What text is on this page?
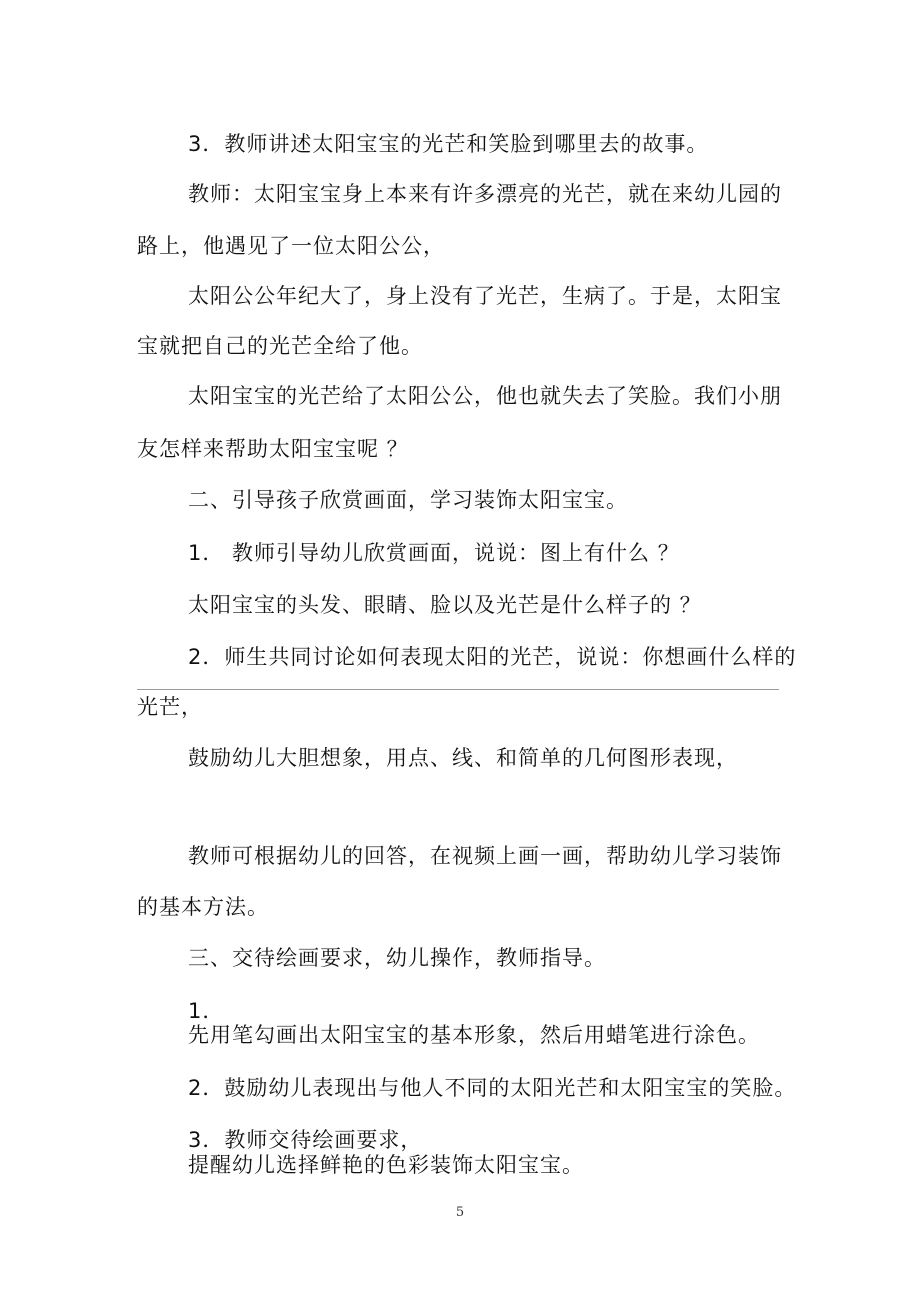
3．教师讲述太阳宝宝的光芒和笑脸到哪里去的故事。
教师：太阳宝宝身上本来有许多漂亮的光芒，就在来幼儿园的
路上，他遇见了一位太阳公公，
太阳公公年纪大了，身上没有了光芒，生病了。于是，太阳宝
宝就把自己的光芒全给了他。
太阳宝宝的光芒给了太阳公公，他也就失去了笑脸。我们小朋
友怎样来帮助太阳宝宝呢 ？
二、引导孩子欣赏画面，学习装饰太阳宝宝。
1． 教师引导幼儿欣赏画面，说说：图上有什么 ？
太阳宝宝的头发、眼睛、脸以及光芒是什么样子的 ？
2．师生共同讨论如何表现太阳的光芒，说说：你想画什么样的
光芒，
鼓励幼儿大胆想象，用点、线、和简单的几何图形表现，
教师可根据幼儿的回答，在视频上画一画，帮助幼儿学习装饰
的基本方法。
三、交待绘画要求，幼儿操作，教师指导。
1．
先用笔勾画出太阳宝宝的基本形象，然后用蜡笔进行涂色。
2．鼓励幼儿表现出与他人不同的太阳光芒和太阳宝宝的笑脸。
3．教师交待绘画要求，
提醒幼儿选择鲜艳的色彩装饰太阳宝宝。
5
